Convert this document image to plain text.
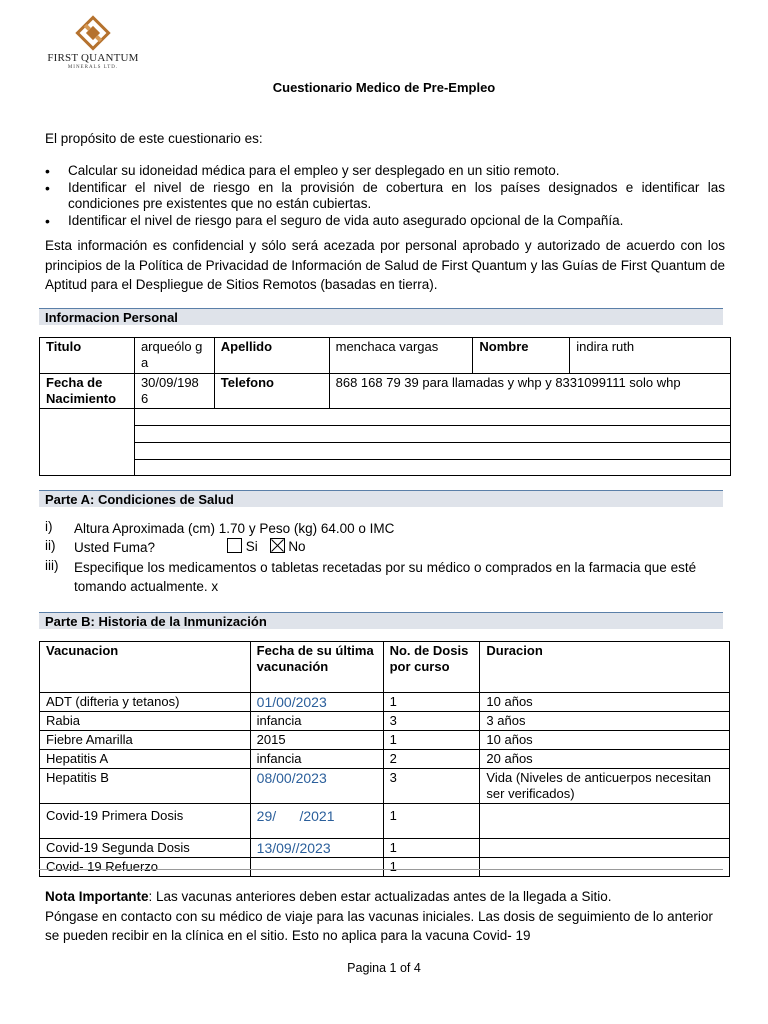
FIRST QUANTUM
MINERALS LTD.
Cuestionario Medico de Pre-Empleo
El propósito de este cuestionario es:
• Calcular su idoneidad médica para el empleo y ser desplegado en un sitio remoto.
• Identificar el nivel de riesgo en la provisión de cobertura en los países designados e identificar las condiciones pre existentes que no están cubiertas.
• Identificar el nivel de riesgo para el seguro de vida auto asegurado opcional de la Compañía.
Esta información es confidencial y sólo será acezada por personal aprobado y autorizado de acuerdo con los principios de la Política de Privacidad de Información de Salud de First Quantum y las Guías de First Quantum de Aptitud para el Despliegue de Sitios Remotos (basadas en tierra).
Informacion Personal
Titulo	arqueólo ga	Apellido	menchaca vargas	Nombre	indira ruth
Fecha de Nacimiento	30/09/198 6	Telefono	868 168 79 39 para llamadas y whp y 8331099111 solo whp		

Parte A: Condiciones de Salud
i) Altura Aproximada (cm) 1.70 y Peso (kg) 64.00 o IMC
ii) Usted Fuma?	Si No
iii) Especifique los medicamentos o tabletas recetadas por su médico o comprados en la farmacia que esté tomando actualmente. x
Parte B: Historia de la Inmunización
Vacunacion	Fecha de su última vacunación	No. de Dosis por curso	Duracion
ADT (difteria y tetanos)	01/00/2023	1	10 años
Rabia	infancia	3	3 años
Fiebre Amarilla	2015	1	10 años
Hepatitis A	infancia	2	20 años
Hepatitis B	08/00/2023	3	Vida (Niveles de anticuerpos necesitan ser verificados)
Covid-19 Primera Dosis	29/      /2021	1	
Covid-19 Segunda Dosis	13/09//2023	1	
Covid- 19 Refuerzo		1	
Nota Importante: Las vacunas anteriores deben estar actualizadas antes de la llegada a Sitio.
Póngase en contacto con su médico de viaje para las vacunas iniciales. Las dosis de seguimiento de lo anterior se pueden recibir en la clínica en el sitio. Esto no aplica para la vacuna Covid- 19
Pagina 1 of 4
